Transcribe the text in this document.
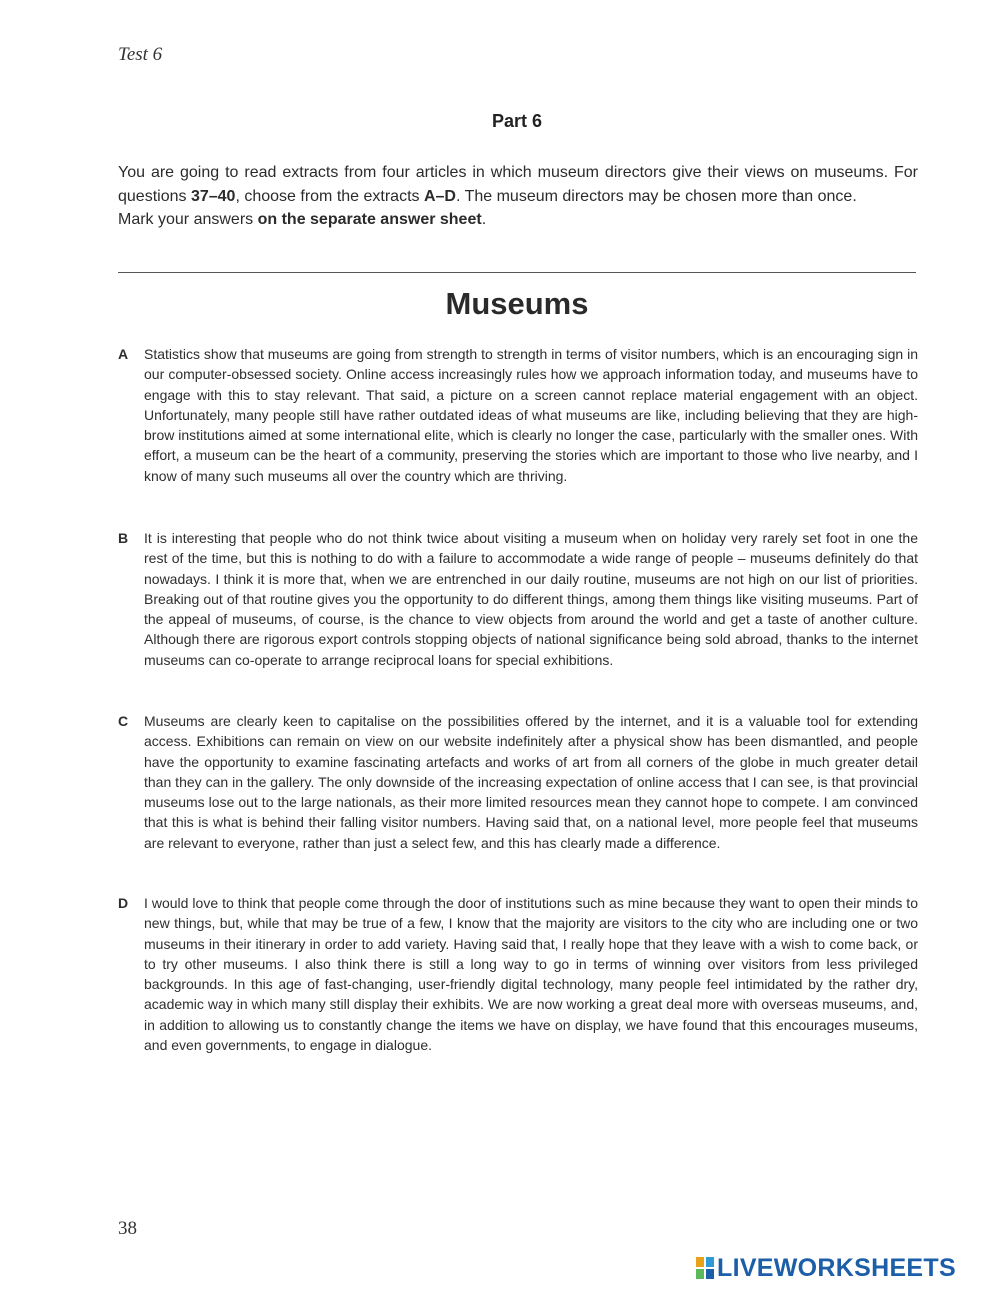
Test 6
Part 6

You are going to read extracts from four articles in which museum directors give their views on museums. For questions 37–40, choose from the extracts A–D. The museum directors may be chosen more than once.

Mark your answers on the separate answer sheet.

Museums
A	Statistics show that museums are going from strength to strength in terms of visitor numbers, which is an encouraging sign in our computer-obsessed society. Online access increasingly rules how we approach information today, and museums have to engage with this to stay relevant. That said, a picture on a screen cannot replace material engagement with an object. Unfortunately, many people still have rather outdated ideas of what museums are like, including believing that they are high-brow institutions aimed at some international elite, which is clearly no longer the case, particularly with the smaller ones. With effort, a museum can be the heart of a community, preserving the stories which are important to those who live nearby, and I know of many such museums all over the country which are thriving.
B	It is interesting that people who do not think twice about visiting a museum when on holiday very rarely set foot in one the rest of the time, but this is nothing to do with a failure to accommodate a wide range of people – museums definitely do that nowadays. I think it is more that, when we are entrenched in our daily routine, museums are not high on our list of priorities. Breaking out of that routine gives you the opportunity to do different things, among them things like visiting museums. Part of the appeal of museums, of course, is the chance to view objects from around the world and get a taste of another culture. Although there are rigorous export controls stopping objects of national significance being sold abroad, thanks to the internet museums can co-operate to arrange reciprocal loans for special exhibitions.
C	Museums are clearly keen to capitalise on the possibilities offered by the internet, and it is a valuable tool for extending access. Exhibitions can remain on view on our website indefinitely after a physical show has been dismantled, and people have the opportunity to examine fascinating artefacts and works of art from all corners of the globe in much greater detail than they can in the gallery. The only downside of the increasing expectation of online access that I can see, is that provincial museums lose out to the large nationals, as their more limited resources mean they cannot hope to compete. I am convinced that this is what is behind their falling visitor numbers. Having said that, on a national level, more people feel that museums are relevant to everyone, rather than just a select few, and this has clearly made a difference.
D	I would love to think that people come through the door of institutions such as mine because they want to open their minds to new things, but, while that may be true of a few, I know that the majority are visitors to the city who are including one or two museums in their itinerary in order to add variety. Having said that, I really hope that they leave with a wish to come back, or to try other museums. I also think there is still a long way to go in terms of winning over visitors from less privileged backgrounds. In this age of fast-changing, user-friendly digital technology, many people feel intimidated by the rather dry, academic way in which many still display their exhibits. We are now working a great deal more with overseas museums, and, in addition to allowing us to constantly change the items we have on display, we have found that this encourages museums, and even governments, to engage in dialogue.
38
LIVEWORKSHEETS
